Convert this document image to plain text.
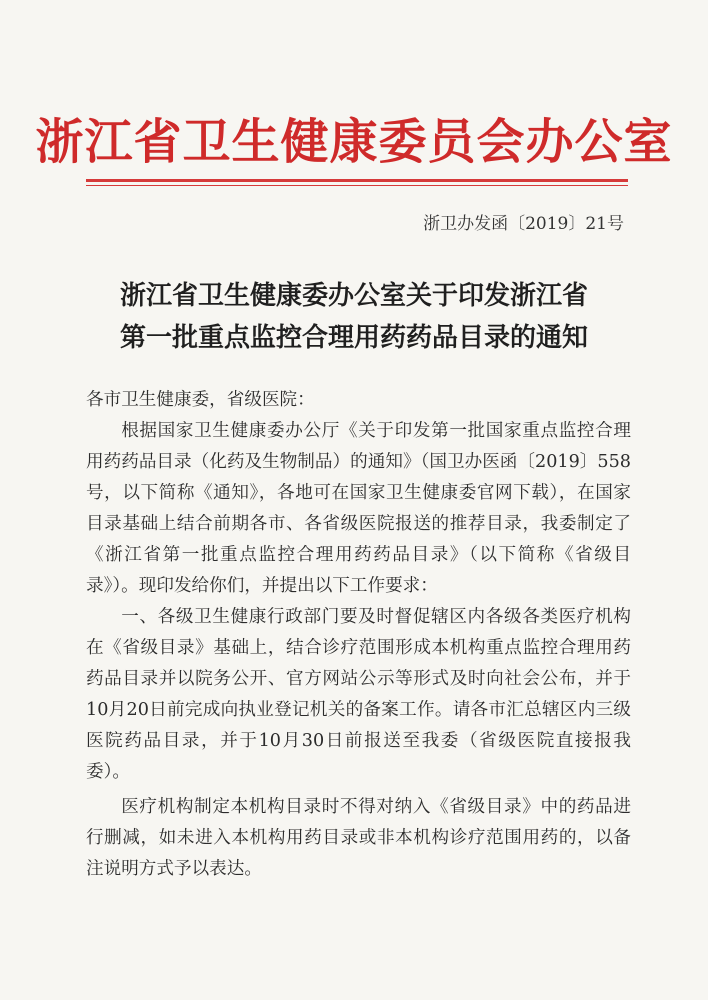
浙江省卫生健康委员会办公室
浙卫办发函〔2019〕21号
浙江省卫生健康委办公室关于印发浙江省
第一批重点监控合理用药药品目录的通知

各市卫生健康委，省级医院：

根据国家卫生健康委办公厅《关于印发第一批国家重点监控合理用药药品目录（化药及生物制品）的通知》（国卫办医函〔2019〕558号，以下简称《通知》，各地可在国家卫生健康委官网下载），在国家目录基础上结合前期各市、各省级医院报送的推荐目录，我委制定了《浙江省第一批重点监控合理用药药品目录》（以下简称《省级目录》）。现印发给你们，并提出以下工作要求：

一、各级卫生健康行政部门要及时督促辖区内各级各类医疗机构在《省级目录》基础上，结合诊疗范围形成本机构重点监控合理用药药品目录并以院务公开、官方网站公示等形式及时向社会公布，并于10月20日前完成向执业登记机关的备案工作。请各市汇总辖区内三级医院药品目录，并于10月30日前报送至我委（省级医院直接报我委）。

医疗机构制定本机构目录时不得对纳入《省级目录》中的药品进行删减，如未进入本机构用药目录或非本机构诊疗范围用药的，以备注说明方式予以表达。
